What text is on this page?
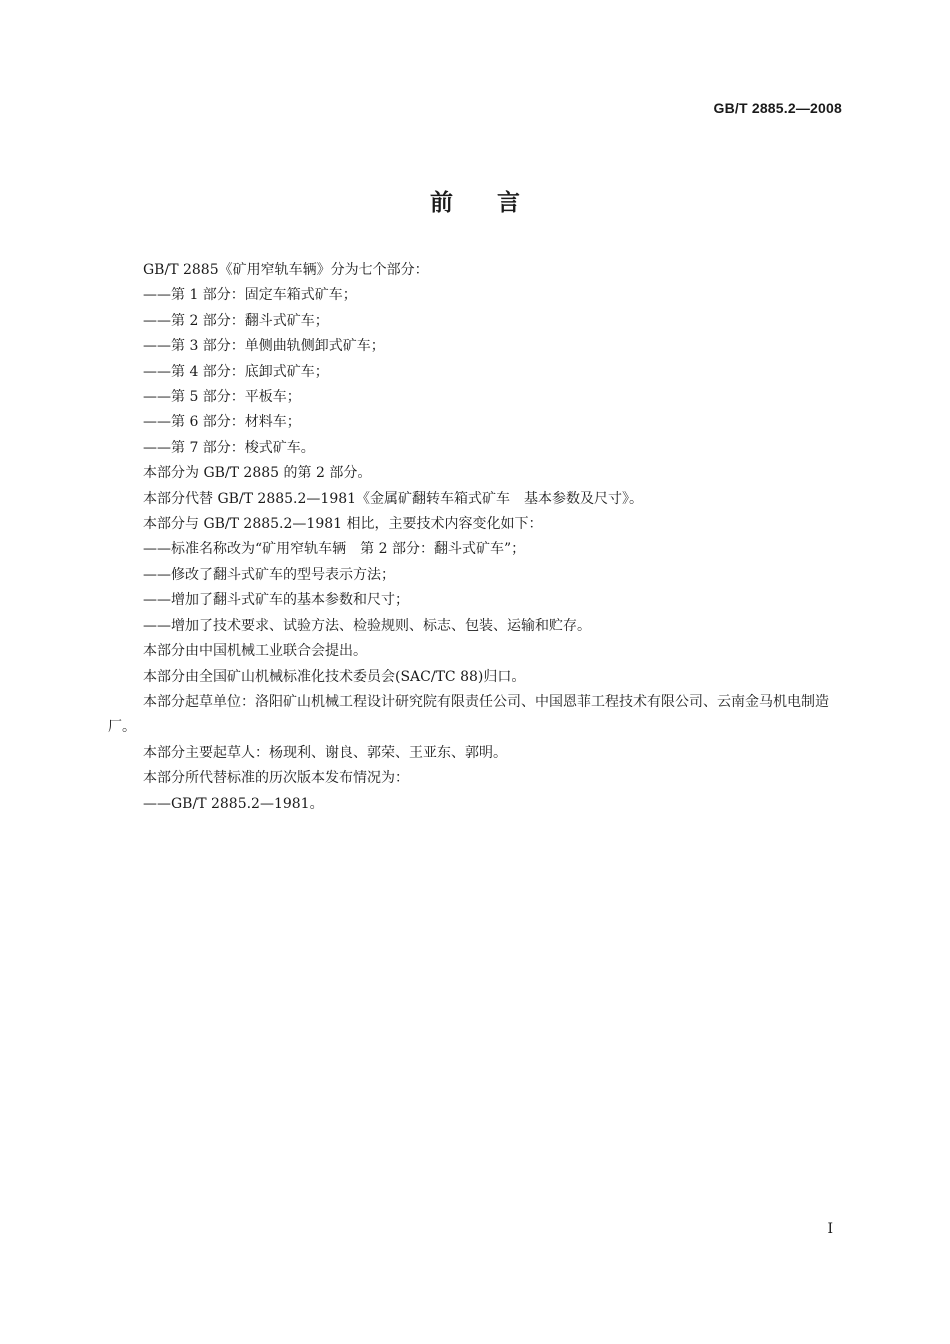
GB/T 2885.2—2008
前言

GB/T 2885《矿用窄轨车辆》分为七个部分：

——第 1 部分：固定车箱式矿车；

——第 2 部分：翻斗式矿车；

——第 3 部分：单侧曲轨侧卸式矿车；

——第 4 部分：底卸式矿车；

——第 5 部分：平板车；

——第 6 部分：材料车；

——第 7 部分：梭式矿车。

本部分为 GB/T 2885 的第 2 部分。

本部分代替 GB/T 2885.2—1981《金属矿翻转车箱式矿车　基本参数及尺寸》。

本部分与 GB/T 2885.2—1981 相比，主要技术内容变化如下：

——标准名称改为“矿用窄轨车辆　第 2 部分：翻斗式矿车”；

——修改了翻斗式矿车的型号表示方法；

——增加了翻斗式矿车的基本参数和尺寸；

——增加了技术要求、试验方法、检验规则、标志、包装、运输和贮存。

本部分由中国机械工业联合会提出。

本部分由全国矿山机械标准化技术委员会(SAC/TC 88)归口。

本部分起草单位：洛阳矿山机械工程设计研究院有限责任公司、中国恩菲工程技术有限公司、云南金马机电制造厂。

本部分主要起草人：杨现利、谢良、郭荣、王亚东、郭明。

本部分所代替标准的历次版本发布情况为：

——GB/T 2885.2—1981。

I
